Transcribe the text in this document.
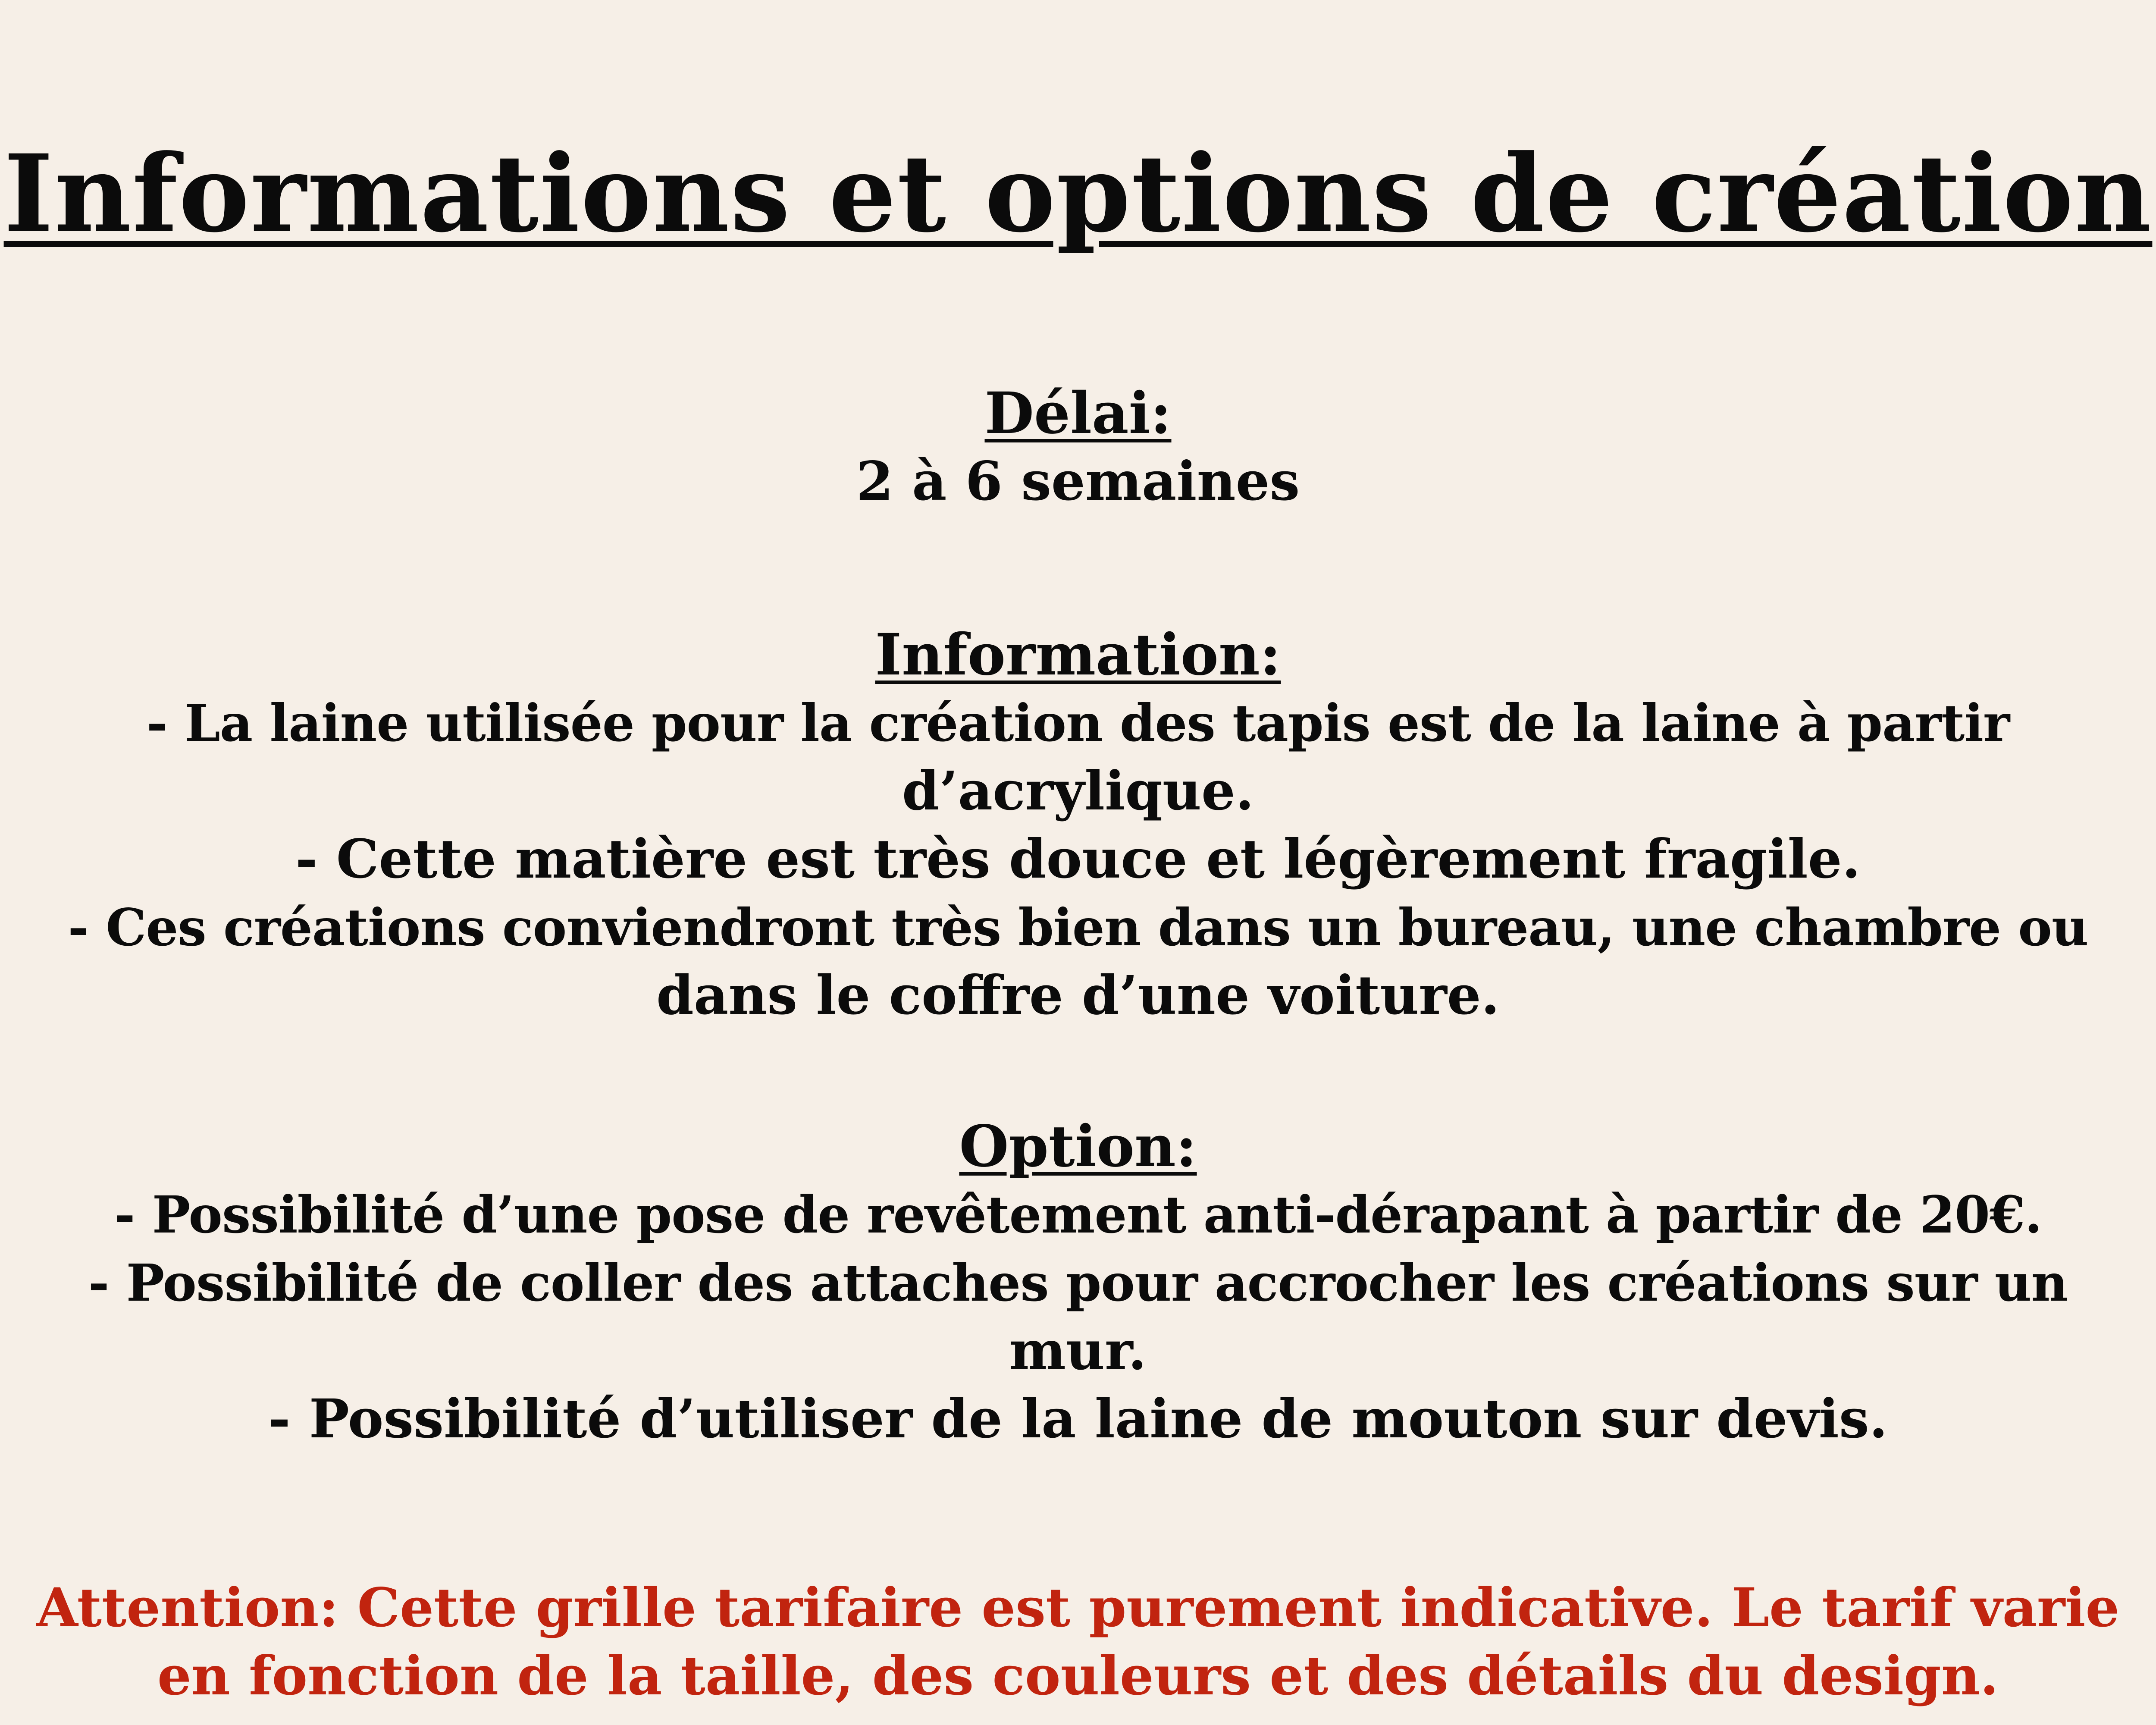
Informations et options de création

Délai:

2 à 6 semaines

Information:

- La laine utilisée pour la création des tapis est de la laine à partir

d’acrylique.

- Cette matière est très douce et légèrement fragile.

- Ces créations conviendront très bien dans un bureau, une chambre ou

dans le coffre d’une voiture.

Option:

- Possibilité d’une pose de revêtement anti-dérapant à partir de 20€.

- Possibilité de coller des attaches pour accrocher les créations sur un

mur.

- Possibilité d’utiliser de la laine de mouton sur devis.

Attention: Cette grille tarifaire est purement indicative. Le tarif varie

en fonction de la taille, des couleurs et des détails du design.
